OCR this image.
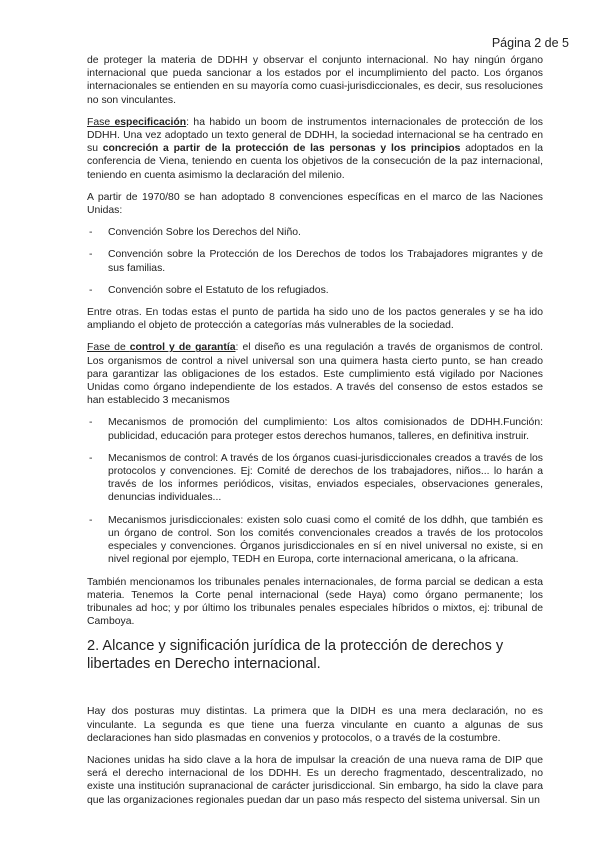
Página 2 de 5

de proteger la materia de DDHH y observar el conjunto internacional. No hay ningún órgano internacional que pueda sancionar a los estados por el incumplimiento del pacto. Los órganos internacionales se entienden en su mayoría como cuasi-jurisdiccionales, es decir, sus resoluciones no son vinculantes.

Fase especificación: ha habido un boom de instrumentos internacionales de protección de los DDHH. Una vez adoptado un texto general de DDHH, la sociedad internacional se ha centrado en su concreción a partir de la protección de las personas y los principios adoptados en la conferencia de Viena, teniendo en cuenta los objetivos de la consecución de la paz internacional, teniendo en cuenta asimismo la declaración del milenio.

A partir de 1970/80 se han adoptado 8 convenciones específicas en el marco de las Naciones Unidas:

- Convención Sobre los Derechos del Niño.
- Convención sobre la Protección de los Derechos de todos los Trabajadores migrantes y de sus familias.
- Convención sobre el Estatuto de los refugiados.

Entre otras. En todas estas el punto de partida ha sido uno de los pactos generales y se ha ido ampliando el objeto de protección a categorías más vulnerables de la sociedad.

Fase de control y de garantía: el diseño es una regulación a través de organismos de control. Los organismos de control a nivel universal son una quimera hasta cierto punto, se han creado para garantizar las obligaciones de los estados. Este cumplimiento está vigilado por Naciones Unidas como órgano independiente de los estados. A través del consenso de estos estados se han establecido 3 mecanismos

- Mecanismos de promoción del cumplimiento: Los altos comisionados de DDHH.Función: publicidad, educación para proteger estos derechos humanos, talleres, en definitiva instruir.
- Mecanismos de control: A través de los órganos cuasi-jurisdiccionales creados a través de los protocolos y convenciones. Ej: Comité de derechos de los trabajadores, niños... lo harán a través de los informes periódicos, visitas, enviados especiales, observaciones generales, denuncias individuales...
- Mecanismos jurisdiccionales: existen solo cuasi como el comité de los ddhh, que también es un órgano de control. Son los comités convencionales creados a través de los protocolos especiales y convenciones. Órganos jurisdiccionales en sí en nivel universal no existe, si en nivel regional por ejemplo, TEDH en Europa, corte internacional americana, o la africana.

También mencionamos los tribunales penales internacionales, de forma parcial se dedican a esta materia. Tenemos la Corte penal internacional (sede Haya) como órgano permanente; los tribunales ad hoc; y por último los tribunales penales especiales híbridos o mixtos, ej: tribunal de Camboya.

2. Alcance y significación jurídica de la protección de derechos y libertades en Derecho internacional.

Hay dos posturas muy distintas. La primera que la DIDH es una mera declaración, no es vinculante. La segunda es que tiene una fuerza vinculante en cuanto a algunas de sus declaraciones han sido plasmadas en convenios y protocolos, o a través de la costumbre.

Naciones unidas ha sido clave a la hora de impulsar la creación de una nueva rama de DIP que será el derecho internacional de los DDHH. Es un derecho fragmentado, descentralizado, no existe una institución supranacional de carácter jurisdiccional. Sin embargo, ha sido la clave para que las organizaciones regionales puedan dar un paso más respecto del sistema universal. Sin un
